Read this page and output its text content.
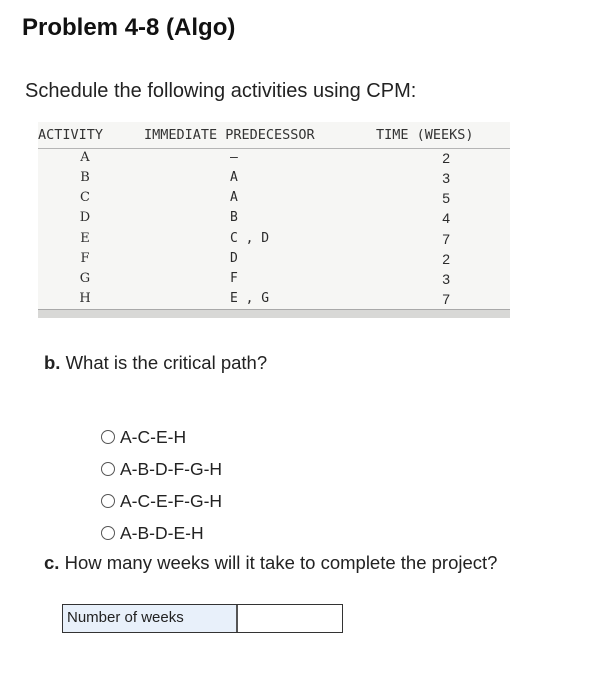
Problem 4-8 (Algo)
Schedule the following activities using CPM:
ACTIVITY	IMMEDIATE PREDECESSOR	TIME (WEEKS)
A	—	2
B	A	3
C	A	5
D	B	4
E	C , D	7
F	D	2
G	F	3
H	E , G	7
b. What is the critical path?
A-C-E-H
A-B-D-F-G-H
A-C-E-F-G-H
A-B-D-E-H
c. How many weeks will it take to complete the project?
Number of weeks
